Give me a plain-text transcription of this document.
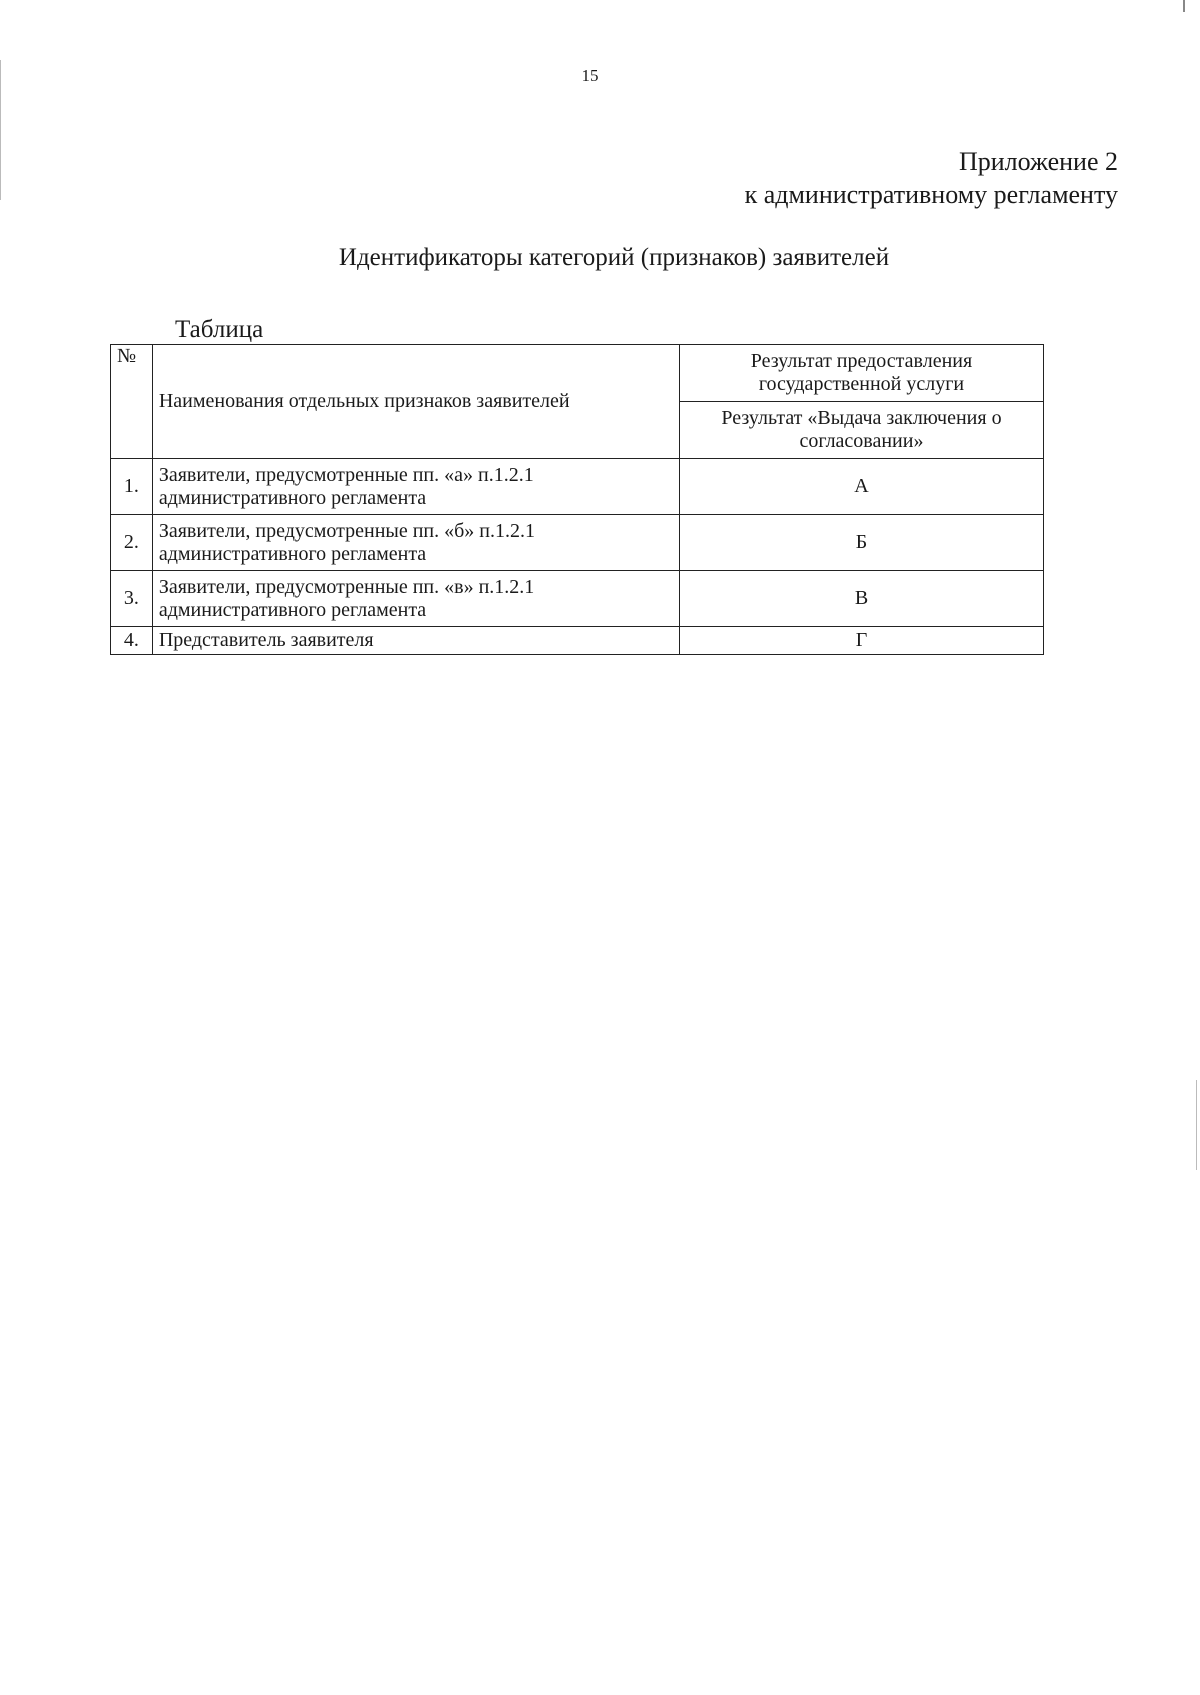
15
Приложение 2
к административному регламенту
Идентификаторы категорий (признаков) заявителей
Таблица
№	Наименования отдельных признаков заявителей	Результат предоставления государственной услуги
		Результат «Выдача заключения о согласовании»
1.	Заявители, предусмотренные пп. «а» п.1.2.1 административного регламента	А
2.	Заявители, предусмотренные пп. «б» п.1.2.1 административного регламента	Б
3.	Заявители, предусмотренные пп. «в» п.1.2.1 административного регламента	В
4.	Представитель заявителя	Г
